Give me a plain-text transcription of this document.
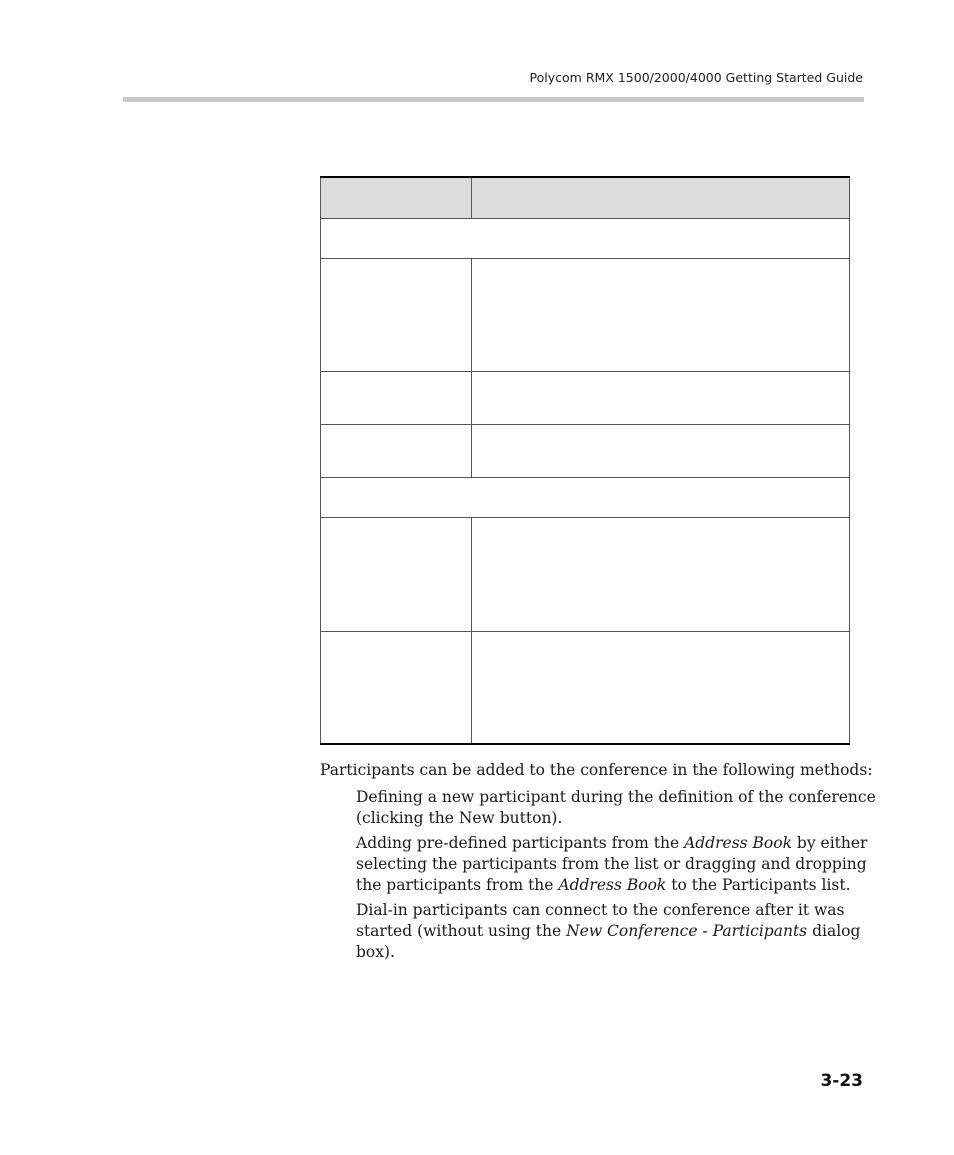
Polycom RMX 1500/2000/4000 Getting Started Guide

Participants can be added to the conference in the following methods:

Defining a new participant during the definition of the conference (clicking the New button).
Adding pre-defined participants from the Address Book by either selecting the participants from the list or dragging and dropping the participants from the Address Book to the Participants list.
Dial-in participants can connect to the conference after it was started (without using the New Conference - Participants dialog box).
3-23
